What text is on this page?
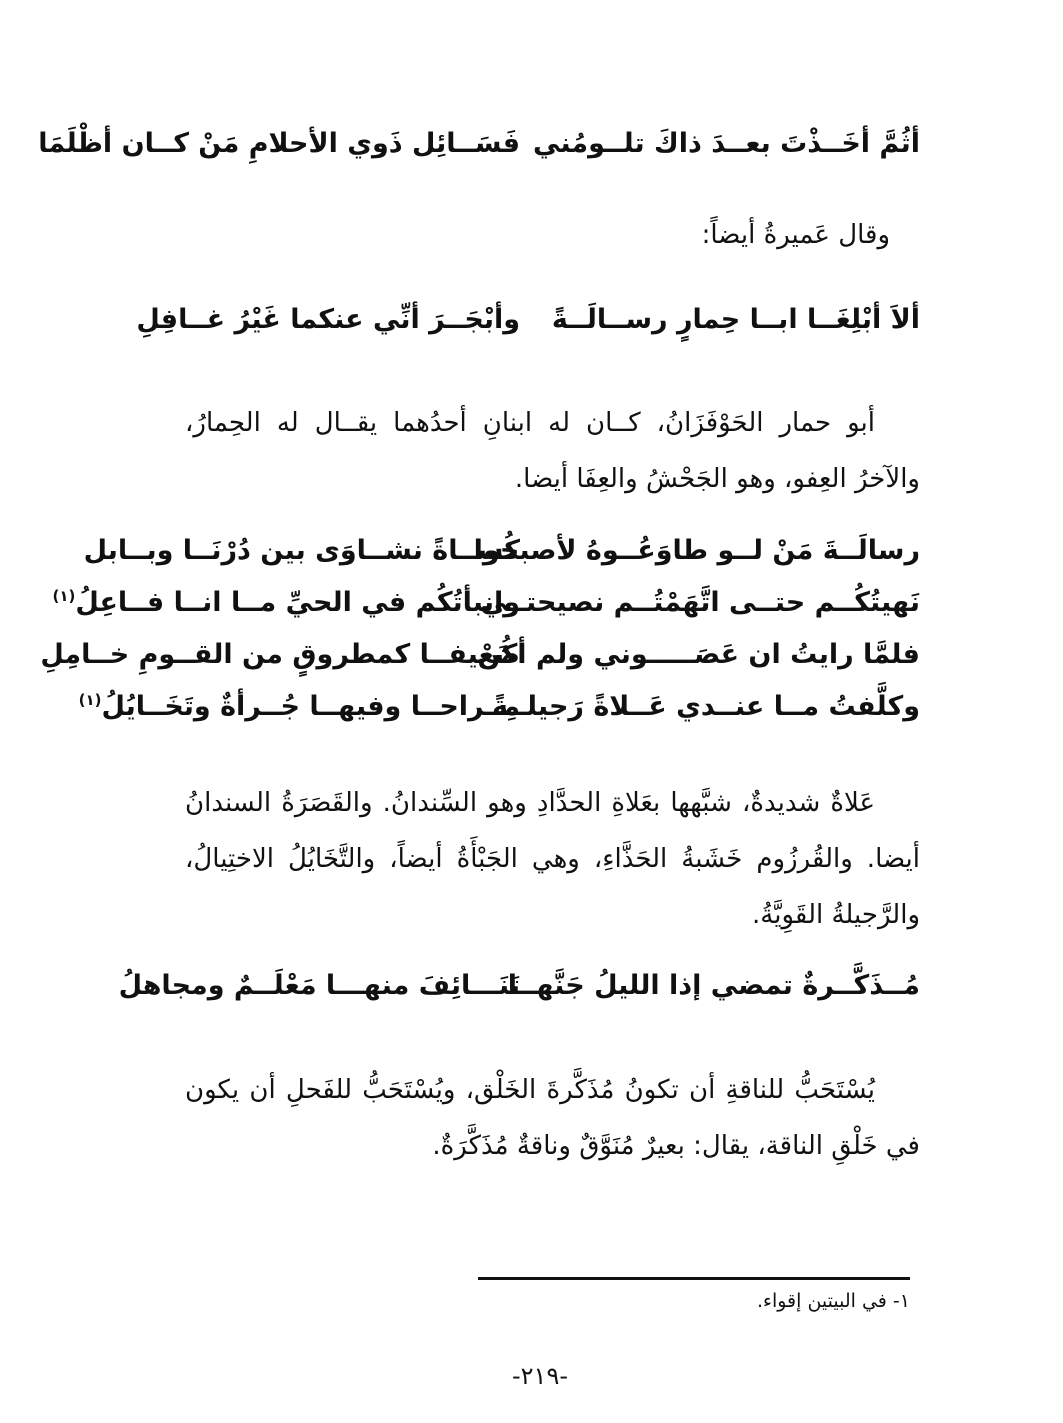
أثُمَّ أخَــذْتَ بعــدَ ذاكَ تلــومُني
فَسَــائِل ذَوي الأحلامِ مَنْ كــان أظْلَمَا
وقال عَميرةُ أيضاً:
ألاَ أبْلِغَــا ابــا حِمارٍ رســالَــةً
وأبْجَــرَ أنِّي عنكما غَيْرُ غــافِلِ

أبو حمار الحَوْفَزَانُ، كــان له ابنانِ أحدُهما يقــال له الحِمارُ، والآخرُ العِفو، وهو الجَحْشُ والعِفَا أيضا.

رسالَــةَ مَنْ لــو طاوَعُــوهُ لأصبحوا
كُســاةً نشــاوَى بين دُرْنَــا وبــابل
نَهيتُكُــم حتــى اتَّهَمْتُــم نصيحتــي
وانبأتُكُم في الحيِّ مــا انــا فــاعِلُ$^{(١)}$
فلمَّا رايتُ ان عَصَـــــوني ولم أكُنْ
ضَعيفــا كمطروقٍ من القــومِ خــامِلِ
وكلَّفتُ مــا عنــدي عَــلاةً رَجيلــةً
مِــراحــا وفيهــا جُــرأةٌ وتَخَــايُلُ$^{(١)}$

عَلاةٌ شديدةٌ، شبَّهها بعَلاةِ الحدَّادِ وهو السِّندانُ. والقَصَرَةُ السندانُ أيضا. والقُرزُوم خَشَبةُ الحَذَّاءِ، وهي الجَبْأَةُ أيضاً، والتَّخَايُلُ الاختِيالُ، والرَّجيلةُ القَوِيَّةُ.

مُــذَكَّــرةٌ تمضي إذا الليلُ جَنَّهــا
تَنَـــائِفَ منهـــا مَعْلَــمٌ ومجاهلُ

يُسْتَحَبُّ للناقةِ أن تكونُ مُذَكَّرةَ الخَلْق، ويُسْتَحَبُّ للفَحلِ أن يكون في خَلْقِ الناقة، يقال: بعيرٌ مُنَوَّقٌ وناقةٌ مُذَكَّرَةٌ.

١- في البيتين إقواء.
-٢١٩-
